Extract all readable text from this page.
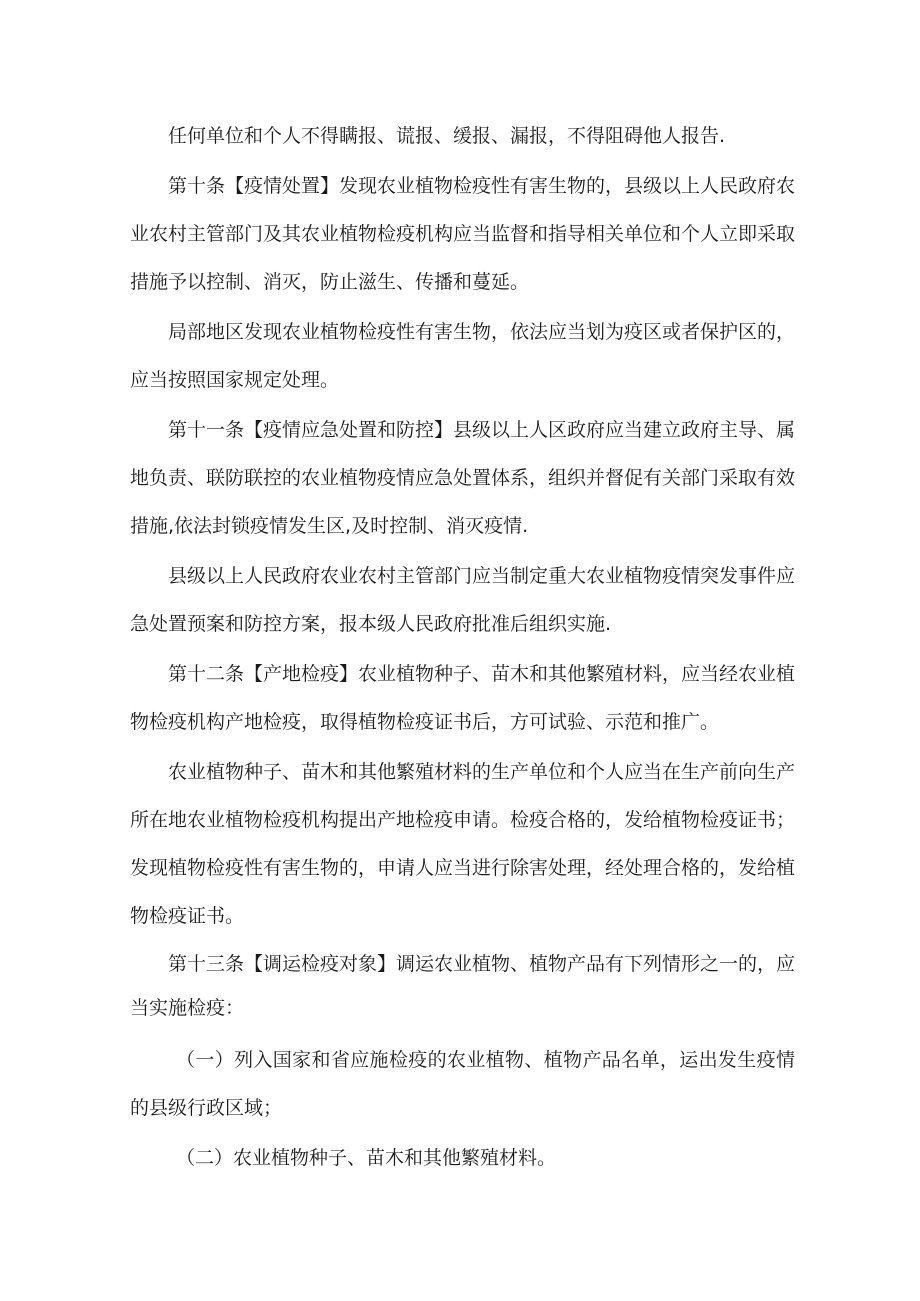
任何单位和个人不得瞒报、谎报、缓报、漏报，不得阻碍他人报告.

第十条【疫情处置】发现农业植物检疫性有害生物的，县级以上人民政府农业农村主管部门及其农业植物检疫机构应当监督和指导相关单位和个人立即采取措施予以控制、消灭，防止滋生、传播和蔓延。

局部地区发现农业植物检疫性有害生物，依法应当划为疫区或者保护区的，应当按照国家规定处理。

第十一条【疫情应急处置和防控】县级以上人区政府应当建立政府主导、属地负责、联防联控的农业植物疫情应急处置体系，组织并督促有关部门采取有效措施,依法封锁疫情发生区,及时控制、消灭疫情.

县级以上人民政府农业农村主管部门应当制定重大农业植物疫情突发事件应急处置预案和防控方案，报本级人民政府批准后组织实施.

第十二条【产地检疫】农业植物种子、苗木和其他繁殖材料，应当经农业植物检疫机构产地检疫，取得植物检疫证书后，方可试验、示范和推广。

农业植物种子、苗木和其他繁殖材料的生产单位和个人应当在生产前向生产所在地农业植物检疫机构提出产地检疫申请。检疫合格的，发给植物检疫证书；发现植物检疫性有害生物的，申请人应当进行除害处理，经处理合格的，发给植物检疫证书。

第十三条【调运检疫对象】调运农业植物、植物产品有下列情形之一的，应当实施检疫：

（一）列入国家和省应施检疫的农业植物、植物产品名单，运出发生疫情的县级行政区域；

（二）农业植物种子、苗木和其他繁殖材料。
